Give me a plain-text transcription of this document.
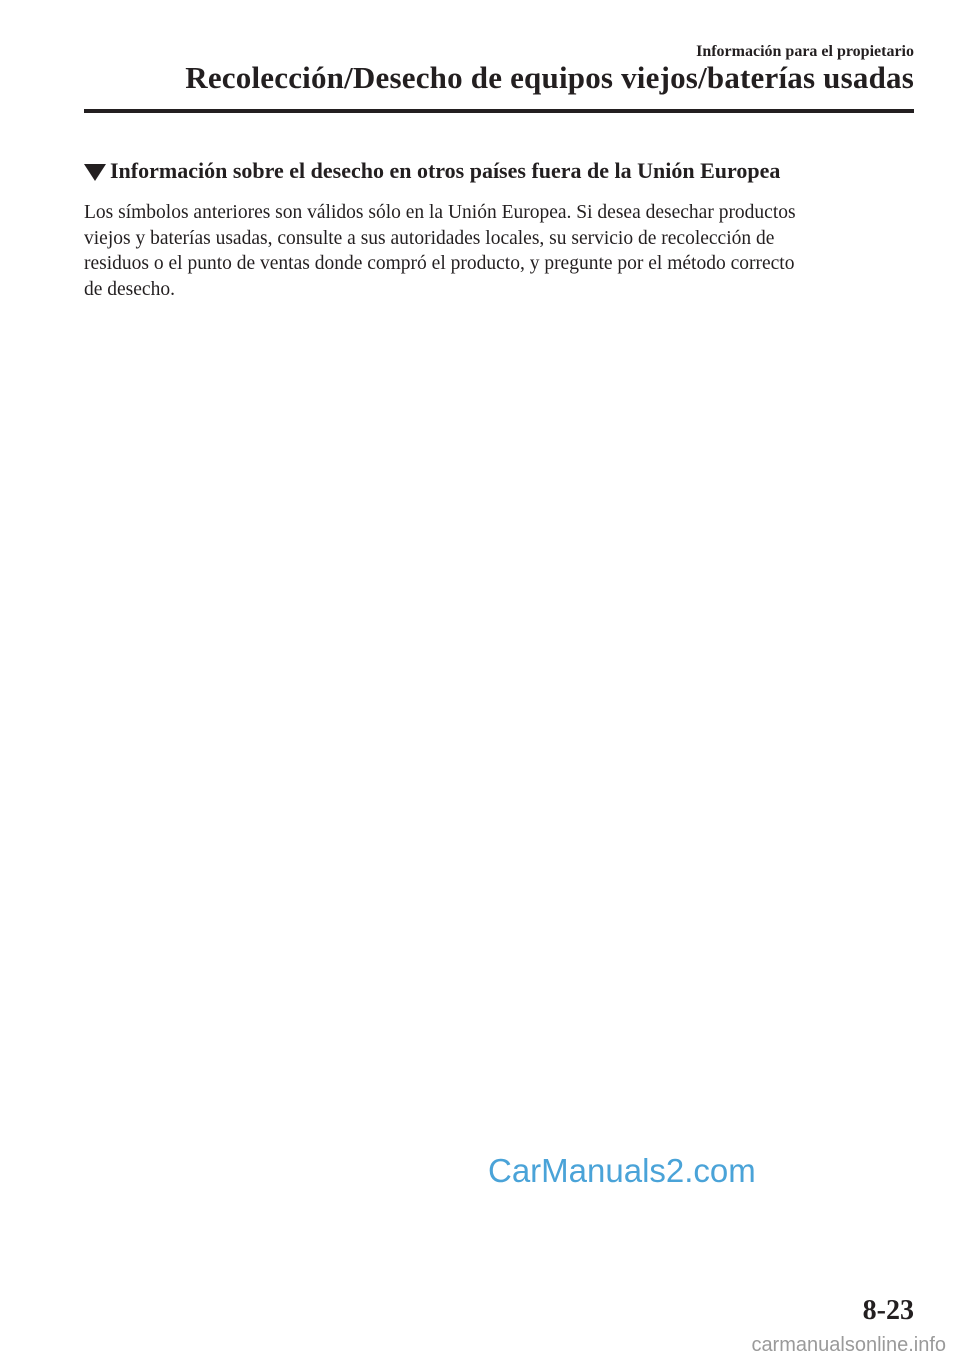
Información para el propietario
Recolección/Desecho de equipos viejos/baterías usadas
Información sobre el desecho en otros países fuera de la Unión Europea
Los símbolos anteriores son válidos sólo en la Unión Europea. Si desea desechar productos
viejos y baterías usadas, consulte a sus autoridades locales, su servicio de recolección de
residuos o el punto de ventas donde compró el producto, y pregunte por el método correcto
de desecho.
CarManuals2.com
8-23
carmanualsonline.info
